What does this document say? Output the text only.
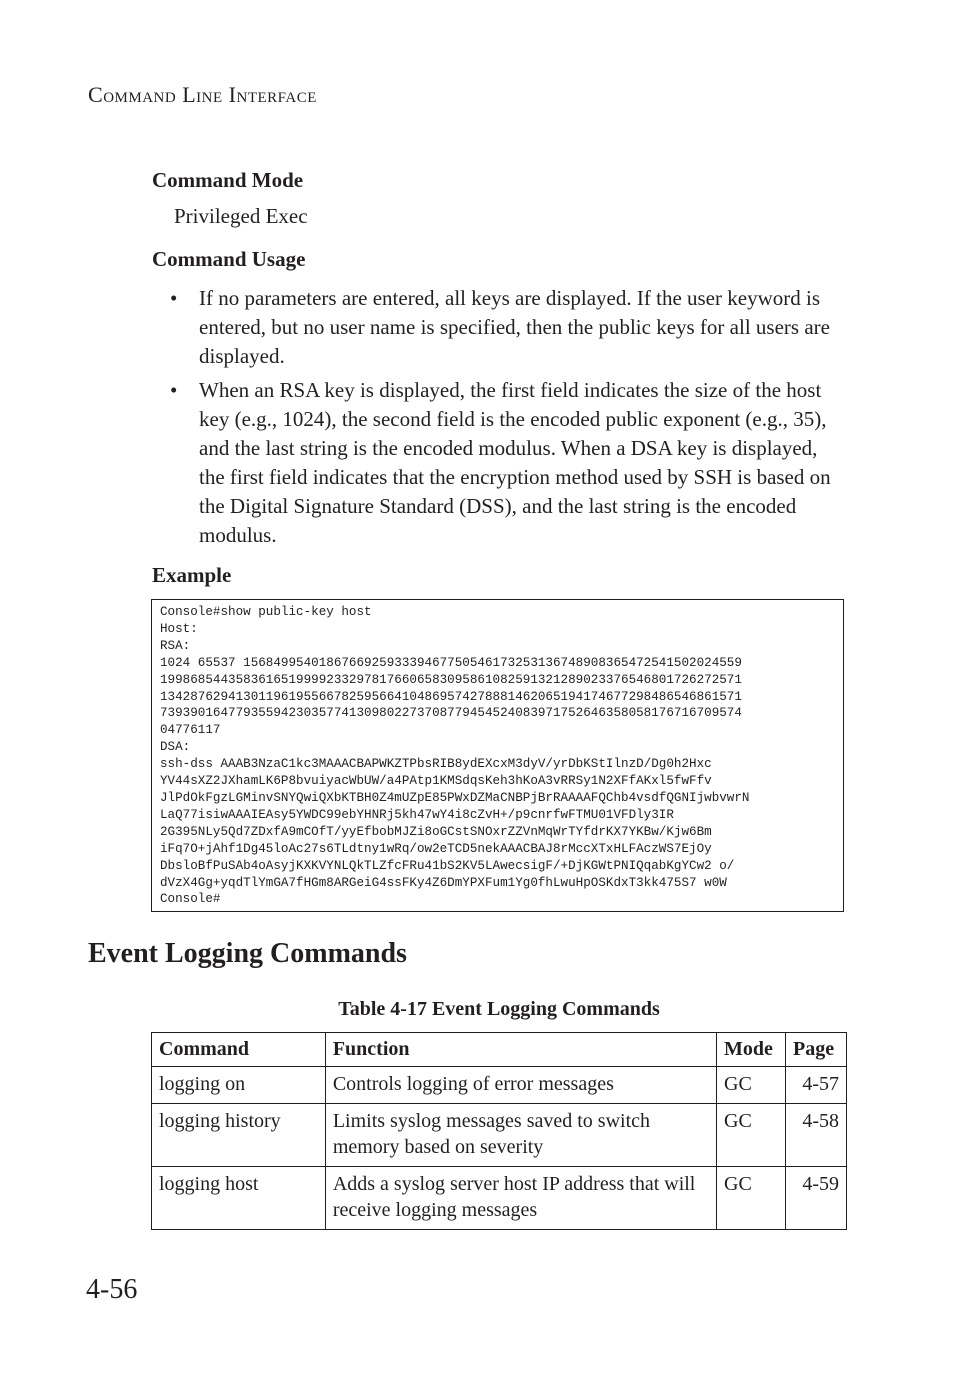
COMMAND LINE INTERFACE
Command Mode
Privileged Exec
Command Usage
•	If no parameters are entered, all keys are displayed. If the user keyword is entered, but no user name is specified, then the public keys for all users are displayed.
•	When an RSA key is displayed, the first field indicates the size of the host key (e.g., 1024), the second field is the encoded public exponent (e.g., 35), and the last string is the encoded modulus. When a DSA key is displayed, the first field indicates that the encryption method used by SSH is based on the Digital Signature Standard (DSS), and the last string is the encoded modulus.
Example
Console#show public-key host
Host:
RSA:
1024 65537 156849954018676692593339467750546173253136748908365472541502024559
19986854435836165199992332978176606583095861082591321289023376546801726272571
13428762941301196195566782595664104869574278881462065194174677298486546861571
73939016477935594230357741309802273708779454524083971752646358058176716709574
04776117
DSA:
ssh-dss AAAB3NzaC1kc3MAAACBAPWKZTPbsRIB8ydEXcxM3dyV/yrDbKStIlnzD/Dg0h2Hxc
YV44sXZ2JXhamLK6P8bvuiyacWbUW/a4PAtp1KMSdqsKeh3hKoA3vRRSy1N2XFfAKxl5fwFfv
JlPdOkFgzLGMinvSNYQwiQXbKTBH0Z4mUZpE85PWxDZMaCNBPjBrRAAAAFQChb4vsdfQGNIjwbvwrN
LaQ77isiwAAAIEAsy5YWDC99ebYHNRj5kh47wY4i8cZvH+/p9cnrfwFTMU01VFDly3IR
2G395NLy5Qd7ZDxfA9mCOfT/yyEfbobMJZi8oGCstSNOxrZZVnMqWrTYfdrKX7YKBw/Kjw6Bm
iFq7O+jAhf1Dg45loAc27s6TLdtny1wRq/ow2eTCD5nekAAACBAJ8rMccXTxHLFAczWS7EjOy
DbsloBfPuSAb4oAsyjKXKVYNLQkTLZfcFRu41bS2KV5LAwecsigF/+DjKGWtPNIQqabKgYCw2 o/
dVzX4Gg+yqdTlYmGA7fHGm8ARGeiG4ssFKy4Z6DmYPXFum1Yg0fhLwuHpOSKdxT3kk475S7 w0W
Console#
Event Logging Commands
Table 4-17 Event Logging Commands
Command	Function	Mode	Page
logging on	Controls logging of error messages	GC	4-57
logging history	Limits syslog messages saved to switch memory based on severity	GC	4-58
logging host	Adds a syslog server host IP address that will receive logging messages	GC	4-59
4-56
